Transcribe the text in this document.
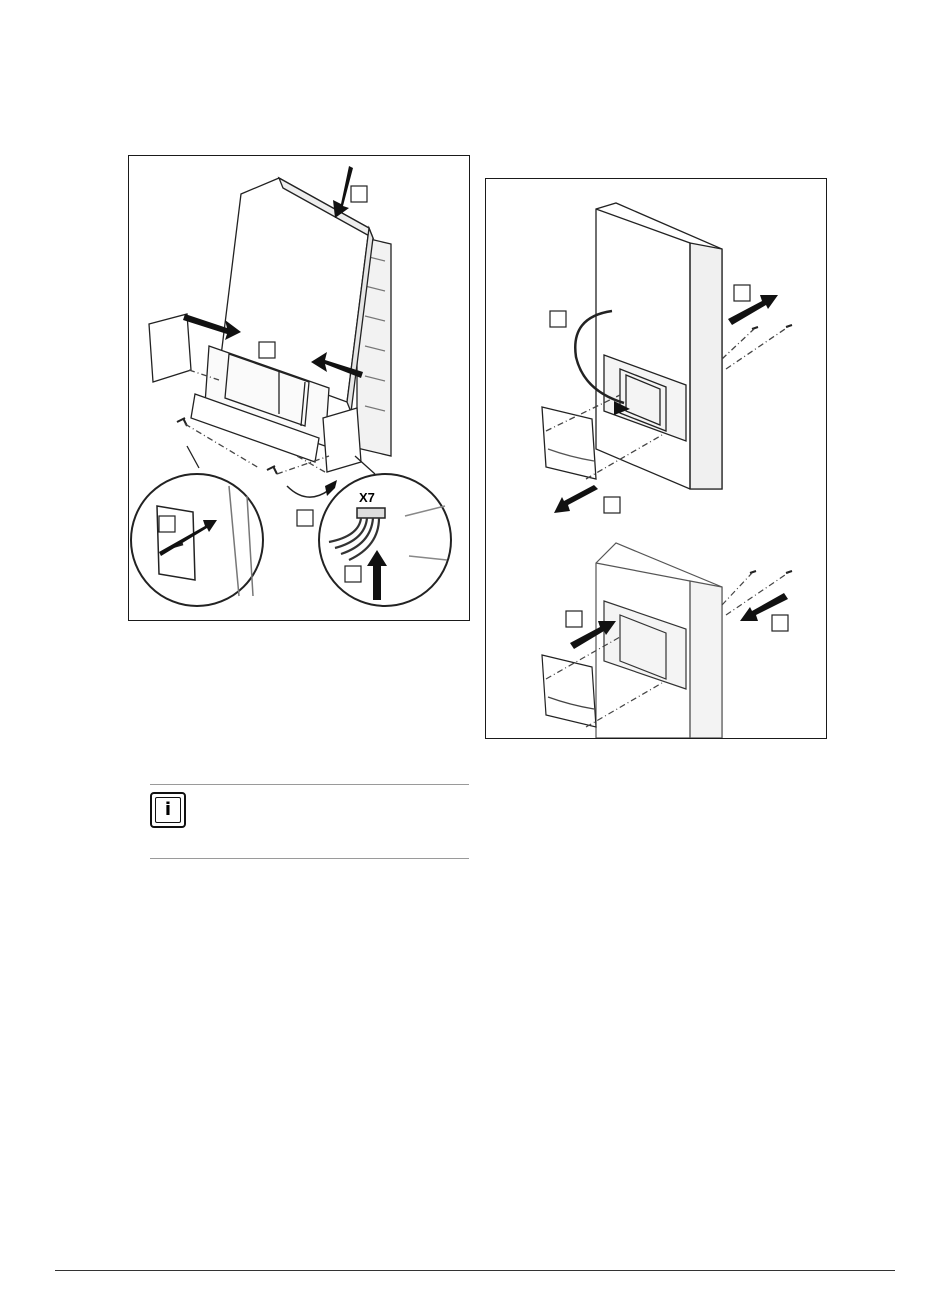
X7
i
